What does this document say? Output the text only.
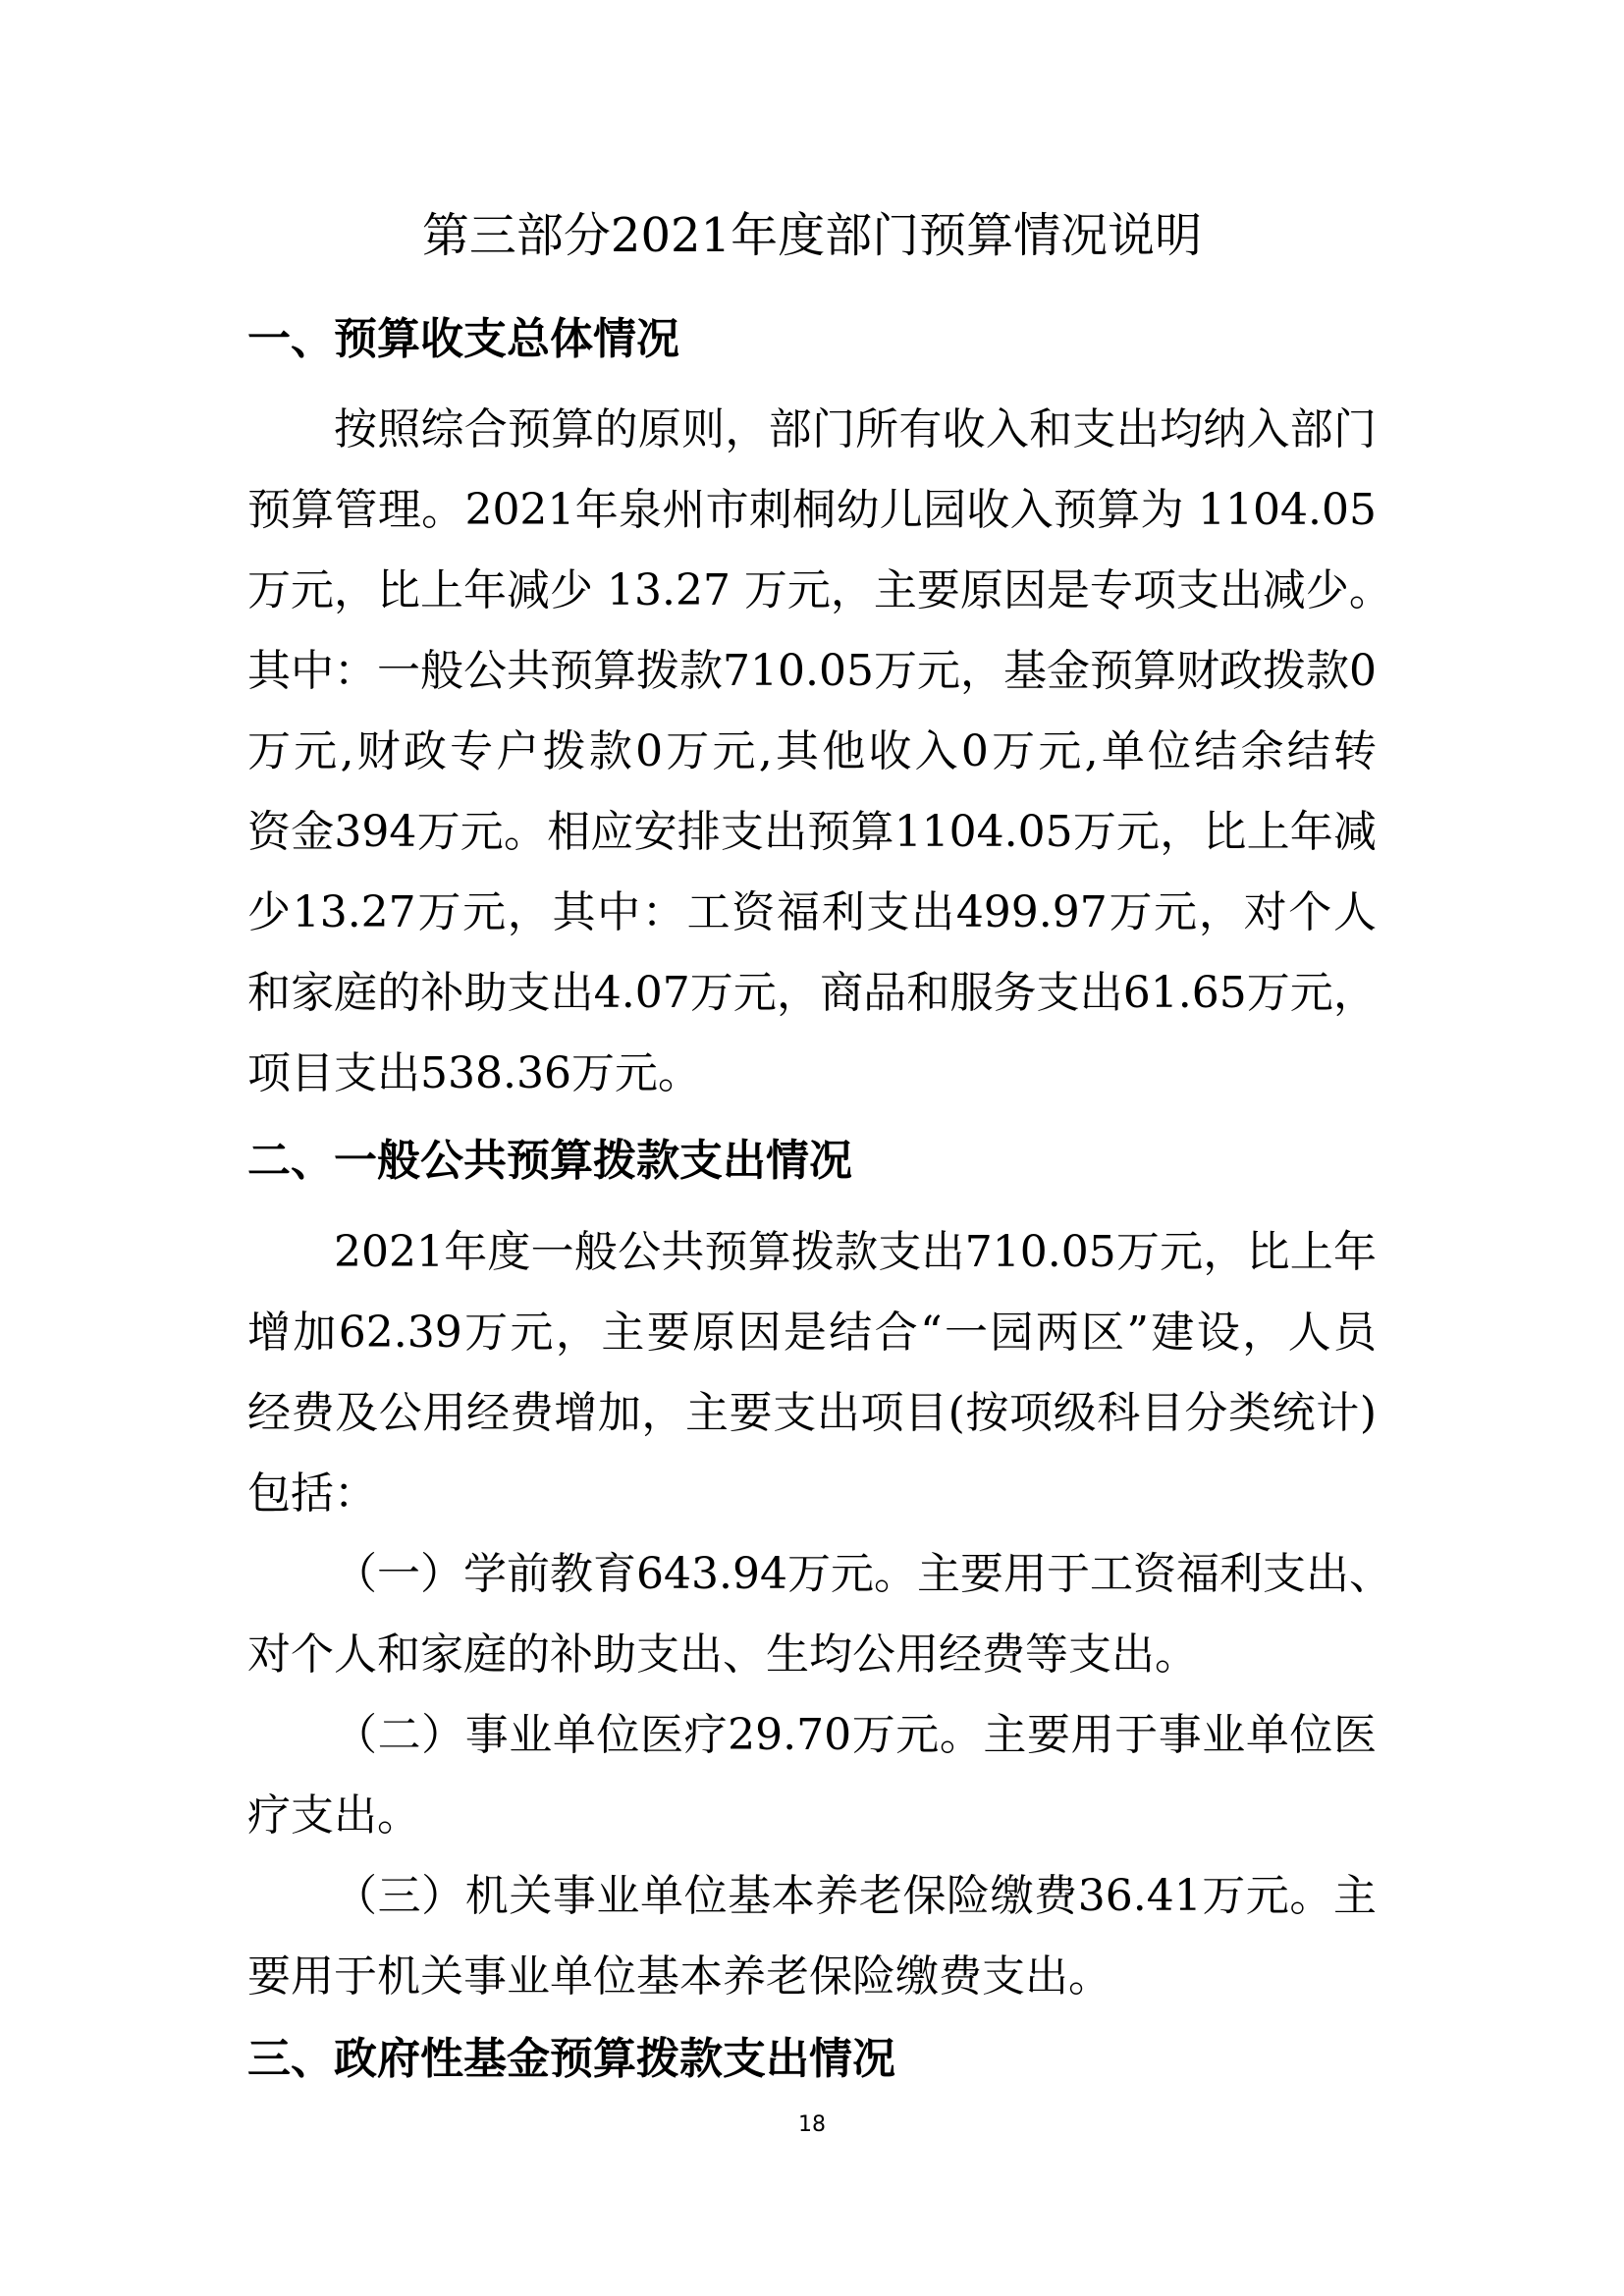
第三部分2021年度部门预算情况说明
一、预算收支总体情况

按照综合预算的原则，部门所有收入和支出均纳入部门

预算管理。2021年泉州市刺桐幼儿园收入预算为 1104.05

万元，比上年减少 13.27 万元，主要原因是专项支出减少。

其中：一般公共预算拨款710.05万元，基金预算财政拨款0

万元,财政专户拨款0万元,其他收入0万元,单位结余结转

资金394万元。相应安排支出预算1104.05万元，比上年减

少13.27万元，其中：工资福利支出499.97万元，对个人

和家庭的补助支出4.07万元，商品和服务支出61.65万元，

项目支出538.36万元。

二、一般公共预算拨款支出情况

2021年度一般公共预算拨款支出710.05万元，比上年

增加62.39万元，主要原因是结合“一园两区”建设，人员

经费及公用经费增加，主要支出项目(按项级科目分类统计)

包括：

（一）学前教育643.94万元。主要用于工资福利支出、

对个人和家庭的补助支出、生均公用经费等支出。

（二）事业单位医疗29.70万元。主要用于事业单位医

疗支出。

（三）机关事业单位基本养老保险缴费36.41万元。主

要用于机关事业单位基本养老保险缴费支出。

三、政府性基金预算拨款支出情况
18
